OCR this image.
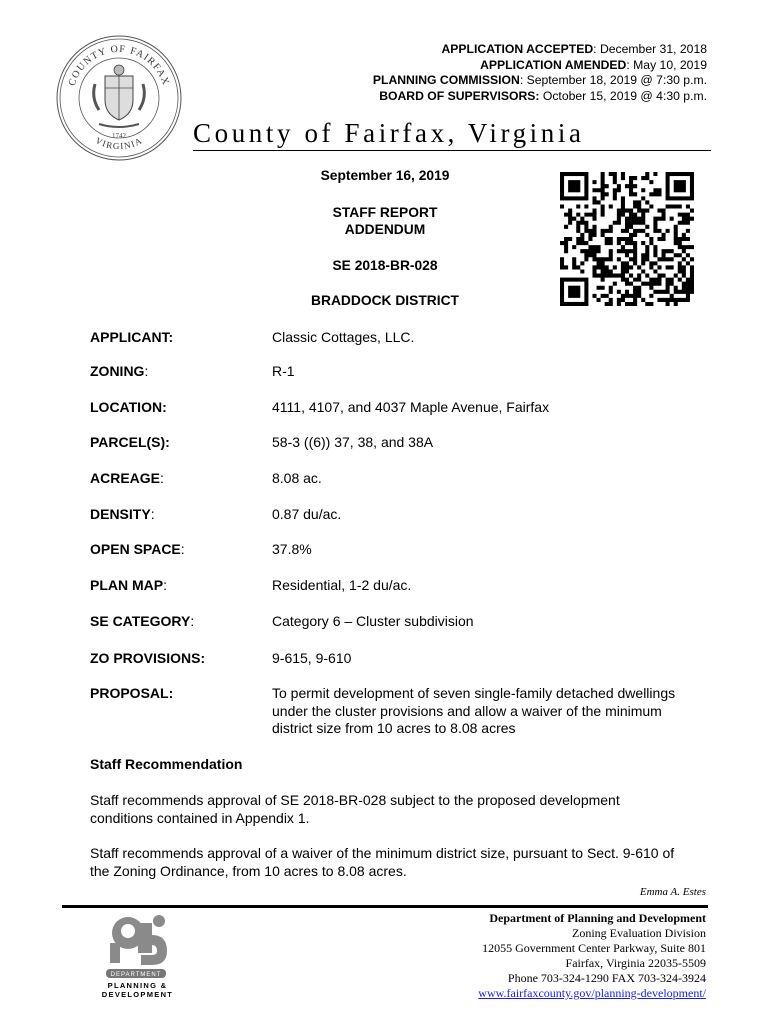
COUNTY OF FAIRFAX
VIRGINIA
1742
APPLICATION ACCEPTED: December 31, 2018
APPLICATION AMENDED: May 10, 2019
PLANNING COMMISSION: September 18, 2019 @ 7:30 p.m.
BOARD OF SUPERVISORS: October 15, 2019 @ 4:30 p.m.
County of Fairfax, Virginia
September 16, 2019
STAFF REPORT
ADDENDUM
SE 2018-BR-028
BRADDOCK DISTRICT
APPLICANT:	Classic Cottages, LLC.
ZONING:	R-1
LOCATION:	4111, 4107, and 4037 Maple Avenue, Fairfax
PARCEL(S):	58-3 ((6)) 37, 38, and 38A
ACREAGE:	8.08 ac.
DENSITY:	0.87 du/ac.
OPEN SPACE:	37.8%
PLAN MAP:	Residential, 1-2 du/ac.
SE CATEGORY:	Category 6 – Cluster subdivision
ZO PROVISIONS:	9-615, 9-610
PROPOSAL:	To permit development of seven single-family detached dwellings under the cluster provisions and allow a waiver of the minimum district size from 10 acres to 8.08 acres
Staff Recommendation
Staff recommends approval of SE 2018-BR-028 subject to the proposed development conditions contained in Appendix 1.
Staff recommends approval of a waiver of the minimum district size, pursuant to Sect. 9-610 of the Zoning Ordinance, from 10 acres to 8.08 acres.
Emma A. Estes
DEPARTMENT
PLANNING & DEVELOPMENT
Department of Planning and Development
Zoning Evaluation Division
12055 Government Center Parkway, Suite 801
Fairfax, Virginia 22035-5509
Phone 703-324-1290 FAX 703-324-3924
www.fairfaxcounty.gov/planning-development/
